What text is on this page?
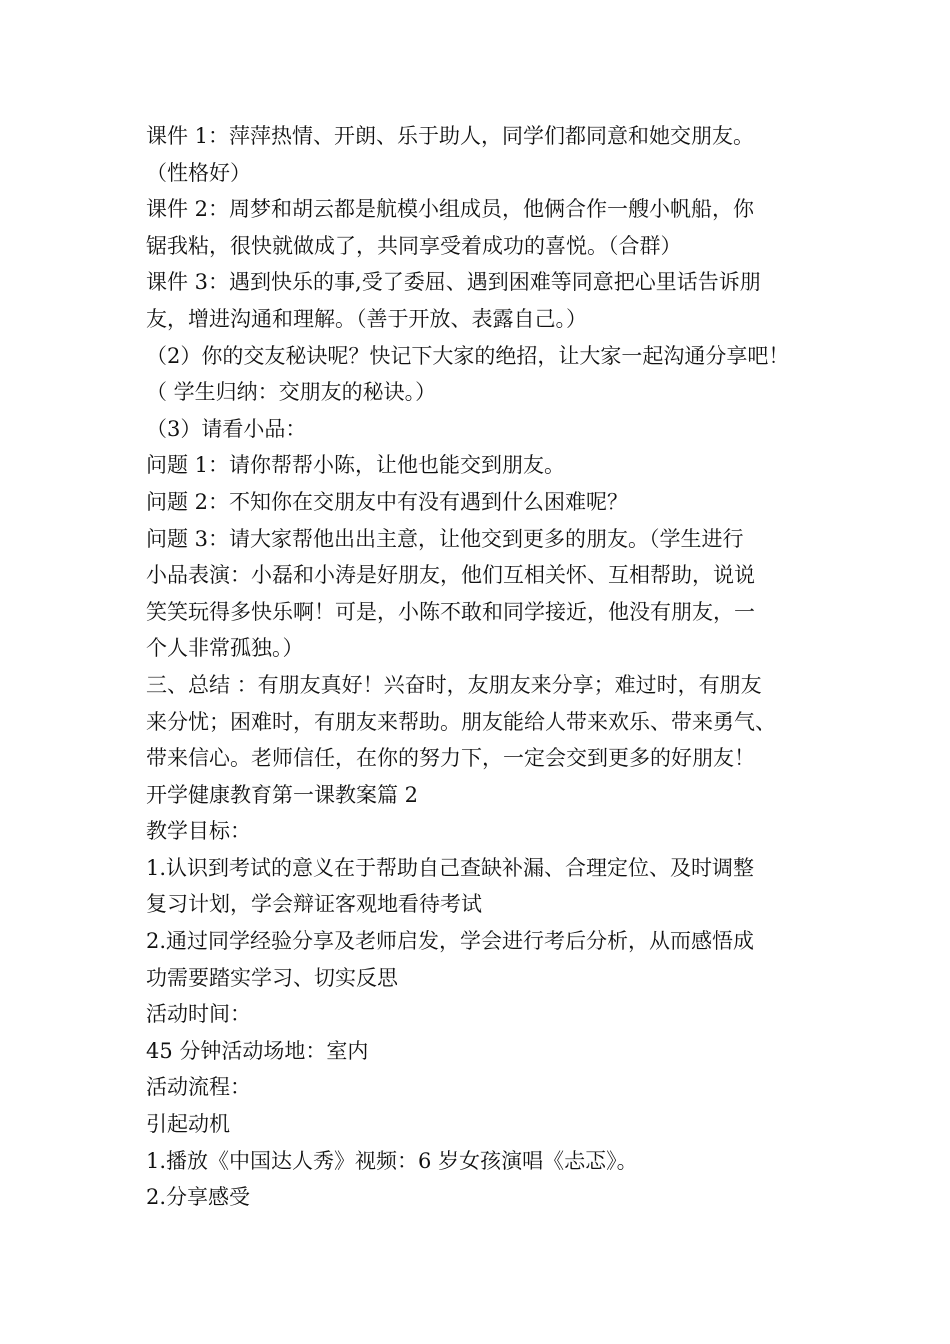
课件 1：萍萍热情、开朗、乐于助人，同学们都同意和她交朋友。

（性格好）

课件 2：周梦和胡云都是航模小组成员，他俩合作一艘小帆船，你

锯我粘，很快就做成了，共同享受着成功的喜悦。（合群）

课件 3：遇到快乐的事,受了委屈、遇到困难等同意把心里话告诉朋

友，增进沟通和理解。（善于开放、表露自己。）

（2）你的交友秘诀呢？快记下大家的绝招，让大家一起沟通分享吧！

（ 学生归纳：交朋友的秘诀。）

（3）请看小品：

问题 1：请你帮帮小陈，让他也能交到朋友。

问题 2：不知你在交朋友中有没有遇到什么困难呢？

问题 3：请大家帮他出出主意，让他交到更多的朋友。（学生进行

小品表演：小磊和小涛是好朋友，他们互相关怀、互相帮助，说说

笑笑玩得多快乐啊！可是，小陈不敢和同学接近，他没有朋友，一

个人非常孤独。）

三、总结 ：有朋友真好！兴奋时，友朋友来分享；难过时，有朋友

来分忧；困难时，有朋友来帮助。朋友能给人带来欢乐、带来勇气、

带来信心。老师信任，在你的努力下，一定会交到更多的好朋友！

开学健康教育第一课教案篇 2

教学目标：

1.认识到考试的意义在于帮助自己查缺补漏、合理定位、及时调整

复习计划，学会辩证客观地看待考试

2.通过同学经验分享及老师启发，学会进行考后分析，从而感悟成

功需要踏实学习、切实反思

活动时间：

45 分钟活动场地：室内

活动流程：

引起动机

1.播放《中国达人秀》视频：6 岁女孩演唱《忐忑》。

2.分享感受
